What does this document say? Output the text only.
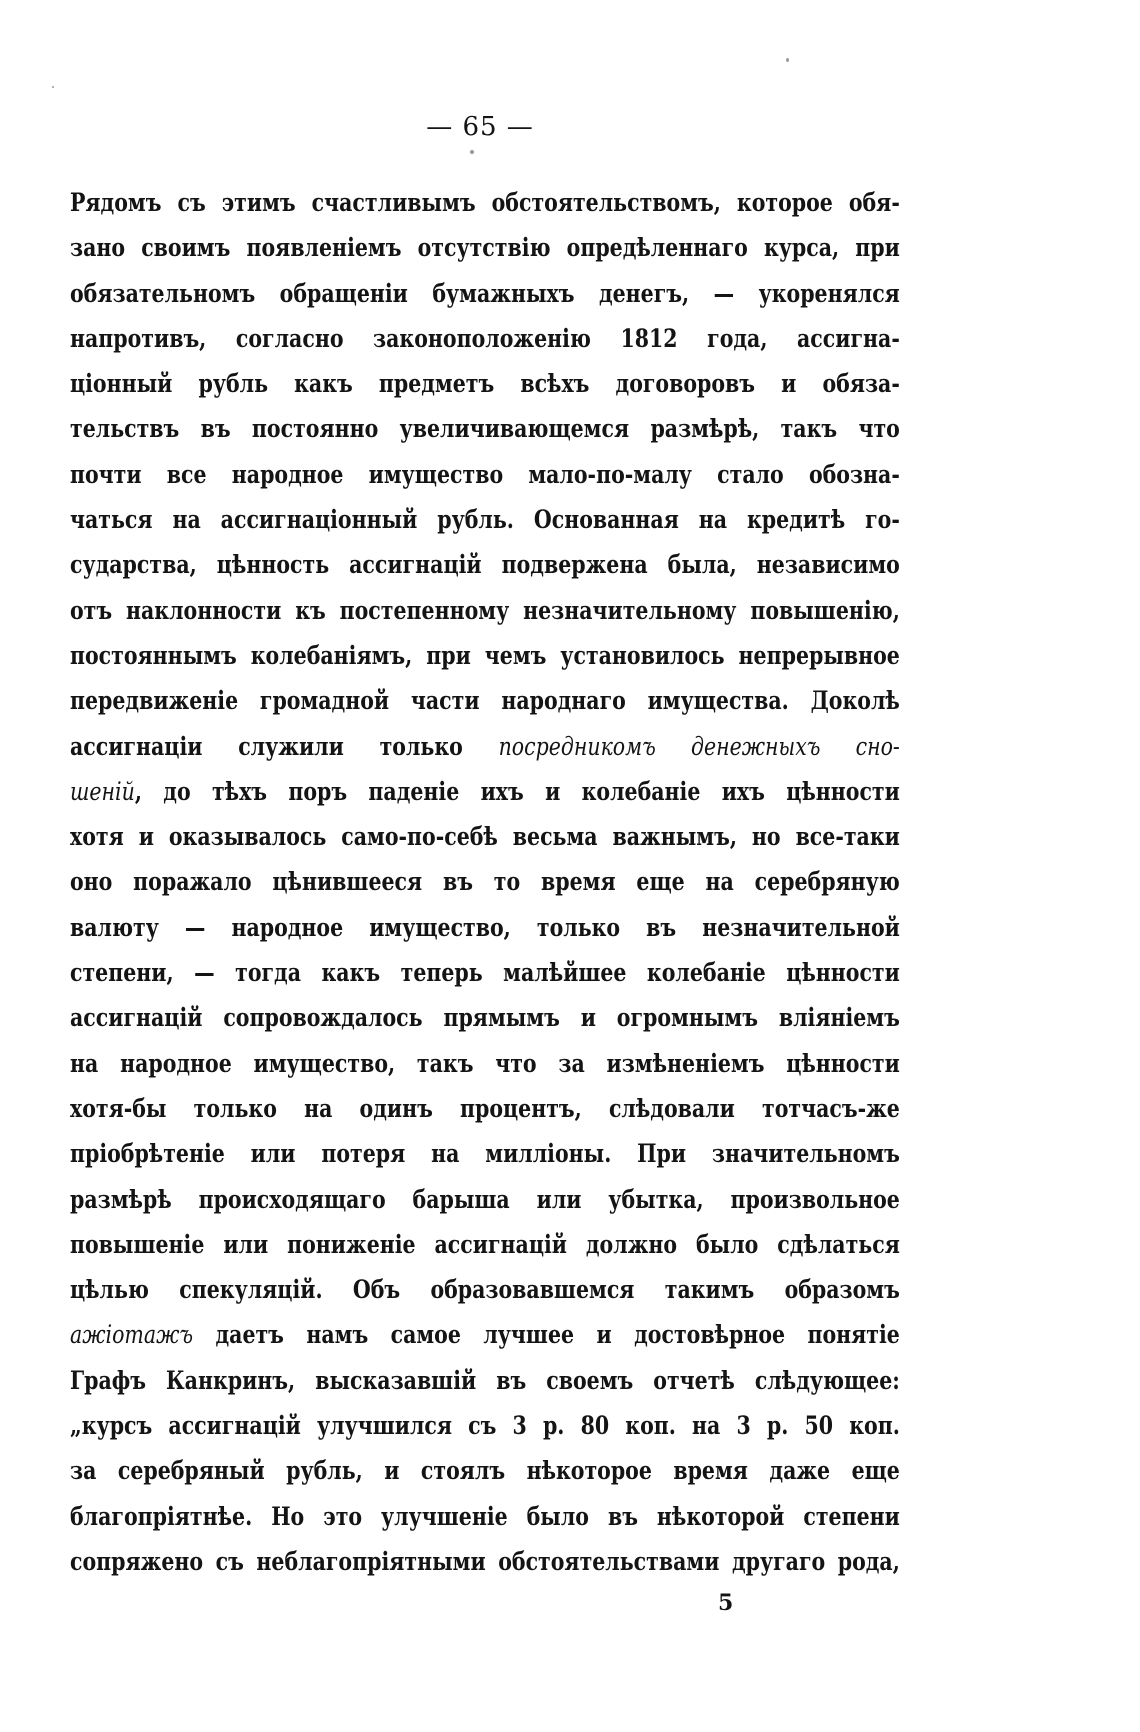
— 65 —
Рядомъ съ этимъ счастливымъ обстоятельствомъ, которое обя-
зано своимъ появленіемъ отсутствію опредѣленнаго курса, при
обязательномъ обращеніи бумажныхъ денегъ, — укоренялся
напротивъ, согласно законоположенію 1812 года, ассигна-
ціонный рубль какъ предметъ всѣхъ договоровъ и обяза-
тельствъ въ постоянно увеличивающемся размѣрѣ, такъ что
почти все народное имущество мало-по-малу стало обозна-
чаться на ассигнаціонный рубль. Основанная на кредитѣ го-
сударства, цѣнность ассигнацій подвержена была, независимо
отъ наклонности къ постепенному незначительному повышенію,
постояннымъ колебаніямъ, при чемъ установилось непрерывное
передвиженіе громадной части народнаго имущества. Доколѣ
ассигнаціи служили только посредникомъ денежныхъ сно-
шеній, до тѣхъ поръ паденіе ихъ и колебаніе ихъ цѣнности
хотя и оказывалось само-по-себѣ весьма важнымъ, но все-таки
оно поражало цѣнившееся въ то время еще на серебряную
валюту — народное имущество, только въ незначительной
степени, — тогда какъ теперь малѣйшее колебаніе цѣнности
ассигнацій сопровождалось прямымъ и огромнымъ вліяніемъ
на народное имущество, такъ что за измѣненіемъ цѣнности
хотя-бы только на одинъ процентъ, слѣдовали тотчасъ-же
пріобрѣтеніе или потеря на милліоны. При значительномъ
размѣрѣ происходящаго барыша или убытка, произвольное
повышеніе или пониженіе ассигнацій должно было сдѣлаться
цѣлью спекуляцій. Объ образовавшемся такимъ образомъ
ажіотажъ даетъ намъ самое лучшее и достовѣрное понятіе
Графъ Канкринъ, высказавшій въ своемъ отчетѣ слѣдующее:
„курсъ ассигнацій улучшился съ 3 р. 80 коп. на 3 р. 50 коп.
за серебряный рубль, и стоялъ нѣкоторое время даже еще
благопріятнѣе. Но это улучшеніе было въ нѣкоторой степени
сопряжено съ неблагопріятными обстоятельствами другаго рода,
5
